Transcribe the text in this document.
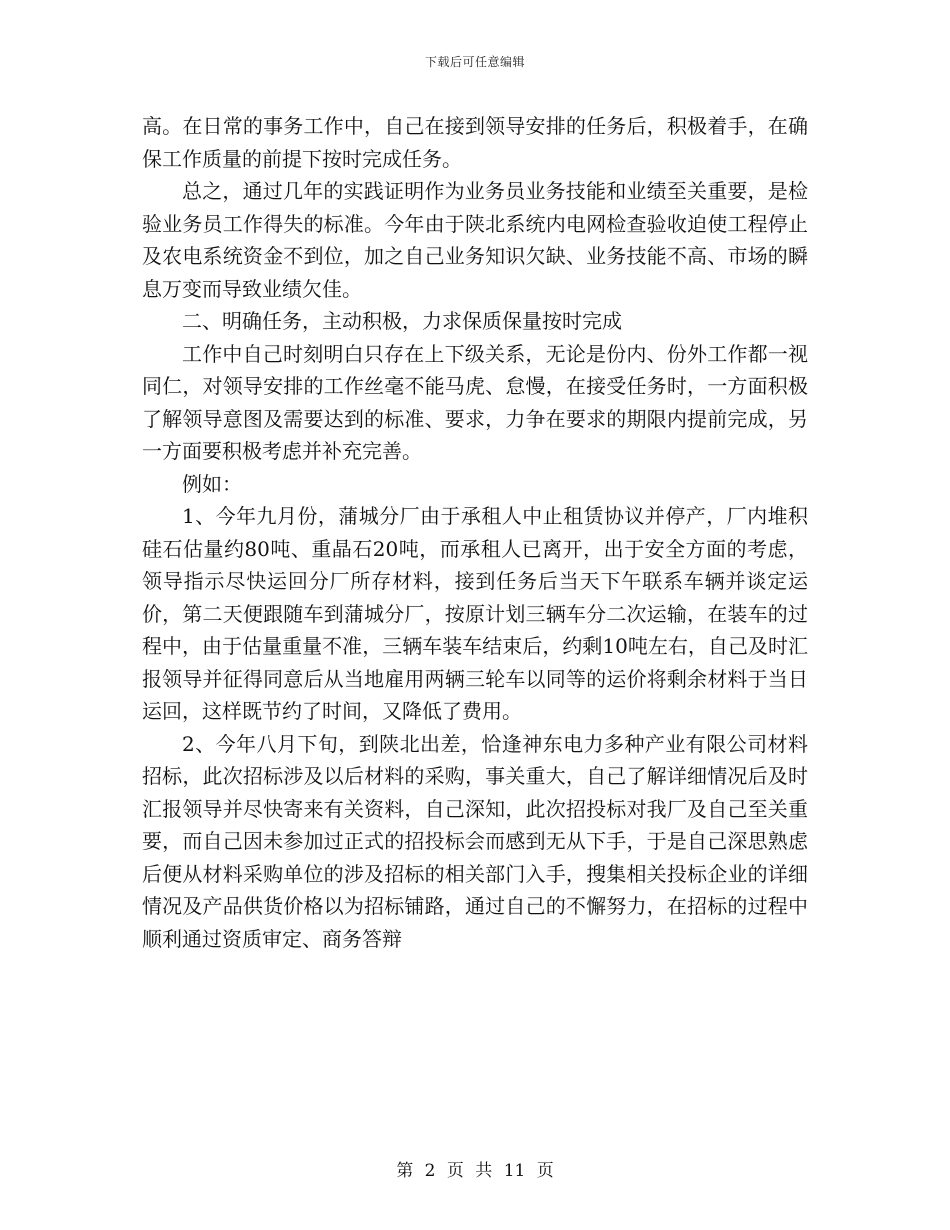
下载后可任意编辑

高。在日常的事务工作中，自己在接到领导安排的任务后，积极着手，在确保工作质量的前提下按时完成任务。

总之，通过几年的实践证明作为业务员业务技能和业绩至关重要，是检验业务员工作得失的标准。今年由于陕北系统内电网检查验收迫使工程停止及农电系统资金不到位，加之自己业务知识欠缺、业务技能不高、市场的瞬息万变而导致业绩欠佳。

二、明确任务，主动积极，力求保质保量按时完成

工作中自己时刻明白只存在上下级关系，无论是份内、份外工作都一视同仁，对领导安排的工作丝毫不能马虎、怠慢，在接受任务时，一方面积极了解领导意图及需要达到的标准、要求，力争在要求的期限内提前完成，另一方面要积极考虑并补充完善。

例如：

1、今年九月份，蒲城分厂由于承租人中止租赁协议并停产，厂内堆积硅石估量约80吨、重晶石20吨，而承租人已离开，出于安全方面的考虑，领导指示尽快运回分厂所存材料，接到任务后当天下午联系车辆并谈定运价，第二天便跟随车到蒲城分厂，按原计划三辆车分二次运输，在装车的过程中，由于估量重量不准，三辆车装车结束后，约剩10吨左右，自己及时汇报领导并征得同意后从当地雇用两辆三轮车以同等的运价将剩余材料于当日运回，这样既节约了时间，又降低了费用。

2、今年八月下旬，到陕北出差，恰逢神东电力多种产业有限公司材料招标，此次招标涉及以后材料的采购，事关重大，自己了解详细情况后及时汇报领导并尽快寄来有关资料，自己深知，此次招投标对我厂及自己至关重要，而自己因未参加过正式的招投标会而感到无从下手，于是自己深思熟虑后便从材料采购单位的涉及招标的相关部门入手，搜集相关投标企业的详细情况及产品供货价格以为招标铺路，通过自己的不懈努力，在招标的过程中顺利通过资质审定、商务答辩

第 2 页 共 11 页
